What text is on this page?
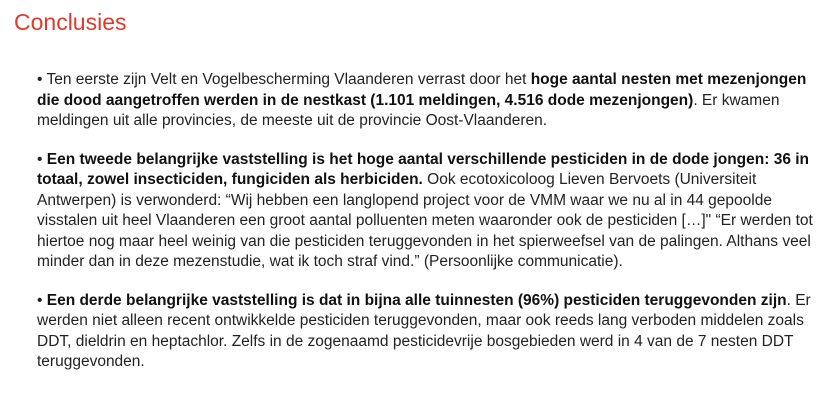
Conclusies

• Ten eerste zijn Velt en Vogelbescherming Vlaanderen verrast door het hoge aantal nesten met mezenjongen die dood aangetroffen werden in de nestkast (1.101 meldingen, 4.516 dode mezenjongen). Er kwamen meldingen uit alle provincies, de meeste uit de provincie Oost-Vlaanderen.

• Een tweede belangrijke vaststelling is het hoge aantal verschillende pesticiden in de dode jongen: 36 in totaal, zowel insecticiden, fungiciden als herbiciden. Ook ecotoxicoloog Lieven Bervoets (Universiteit Antwerpen) is verwonderd: “Wij hebben een langlopend project voor de VMM waar we nu al in 44 gepoolde visstalen uit heel Vlaanderen een groot aantal polluenten meten waaronder ook de pesticiden […]" “Er werden tot hiertoe nog maar heel weinig van die pesticiden teruggevonden in het spierweefsel van de palingen. Althans veel minder dan in deze mezenstudie, wat ik toch straf vind.” (Persoonlijke communicatie).

• Een derde belangrijke vaststelling is dat in bijna alle tuinnesten (96%) pesticiden teruggevonden zijn. Er werden niet alleen recent ontwikkelde pesticiden teruggevonden, maar ook reeds lang verboden middelen zoals DDT, dieldrin en heptachlor. Zelfs in de zogenaamd pesticidevrije bosgebieden werd in 4 van de 7 nesten DDT teruggevonden.
